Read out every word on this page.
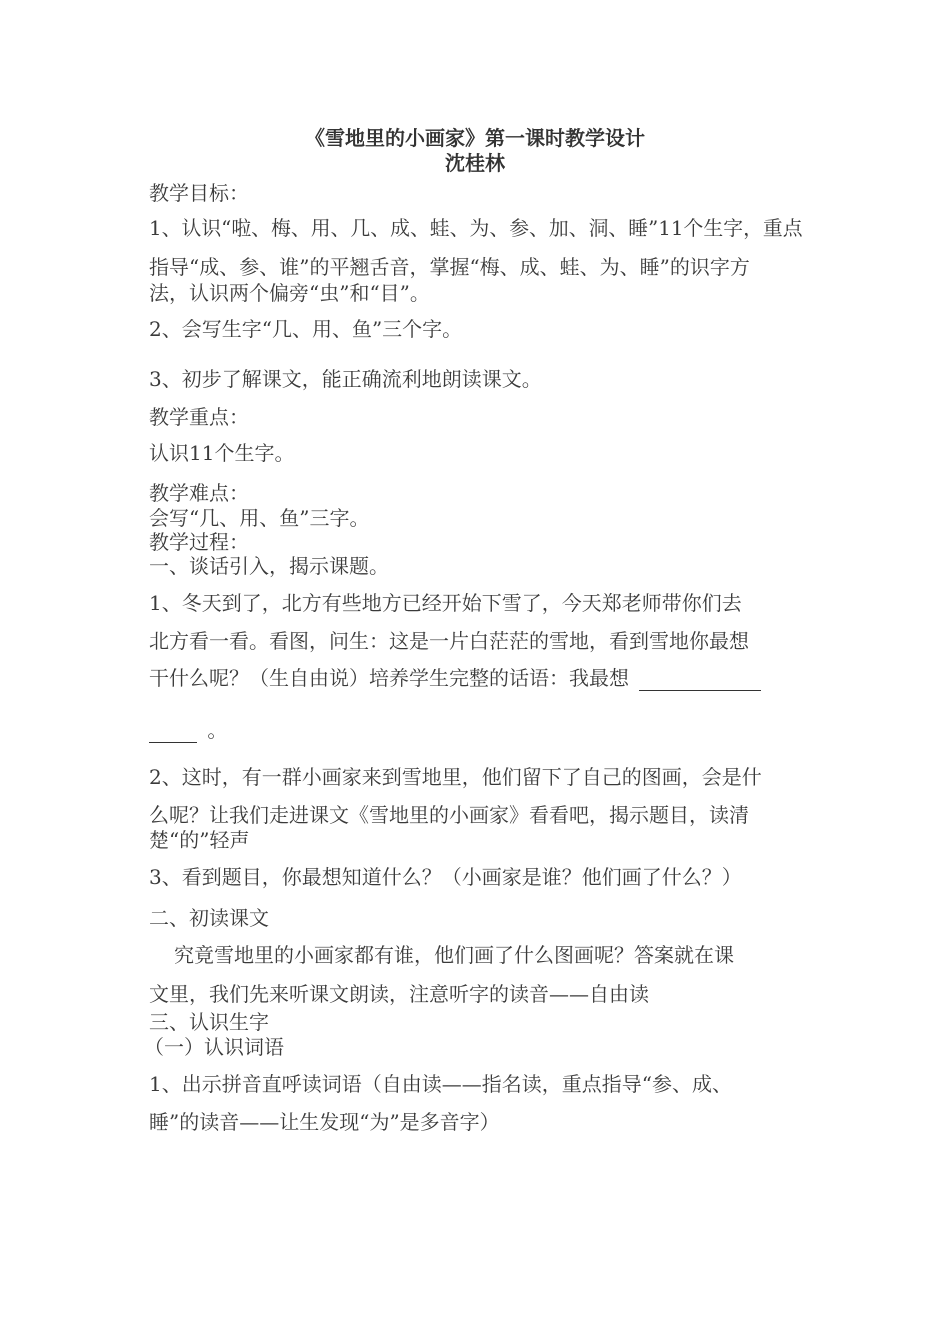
《雪地里的小画家》第一课时教学设计
沈桂林
教学目标：
1、认识“啦、梅、用、几、成、蛙、为、参、加、洞、睡”11个生字，重点
指导“成、参、谁”的平翘舌音，掌握“梅、成、蛙、为、睡”的识字方
法，认识两个偏旁“虫”和“目”。
2、会写生字“几、用、鱼”三个字。
3、初步了解课文，能正确流利地朗读课文。
教学重点：
认识11个生字。
教学难点：
会写“几、用、鱼”三字。
教学过程：
一、谈话引入，揭示课题。
1、冬天到了，北方有些地方已经开始下雪了，今天郑老师带你们去
北方看一看。看图，问生：这是一片白茫茫的雪地，看到雪地你最想
干什么呢？（生自由说）培养学生完整的话语：我最想
。
2、这时，有一群小画家来到雪地里，他们留下了自己的图画，会是什
么呢？让我们走进课文《雪地里的小画家》看看吧，揭示题目，读清
楚“的”轻声
3、看到题目，你最想知道什么？（小画家是谁？他们画了什么？）
二、初读课文
究竟雪地里的小画家都有谁，他们画了什么图画呢？答案就在课
文里，我们先来听课文朗读，注意听字的读音——自由读
三、认识生字
（一）认识词语
1、出示拼音直呼读词语（自由读——指名读，重点指导“参、成、
睡”的读音——让生发现“为”是多音字）
